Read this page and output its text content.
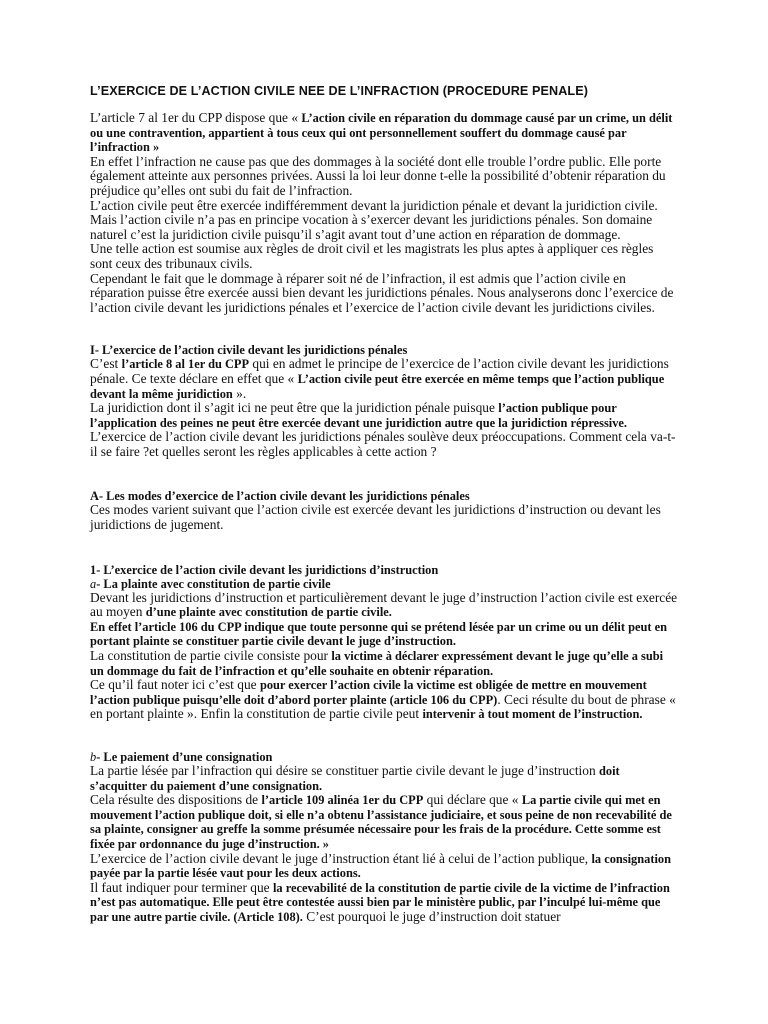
L’EXERCICE DE L’ACTION CIVILE NEE DE L’INFRACTION (PROCEDURE PENALE)

L’article 7 al 1er du CPP dispose que « L’action civile en réparation du dommage causé par un crime, un délit ou une contravention, appartient à tous ceux qui ont personnellement souffert du dommage causé par l’infraction »

En effet l’infraction ne cause pas que des dommages à la société dont elle trouble l’ordre public. Elle porte également atteinte aux personnes privées. Aussi la loi leur donne t-elle la possibilité d’obtenir réparation du préjudice qu’elles ont subi du fait de l’infraction.

L’action civile peut être exercée indifféremment devant la juridiction pénale et devant la juridiction civile. Mais l’action civile n’a pas en principe vocation à s’exercer devant les juridictions pénales. Son domaine naturel c’est la juridiction civile puisqu’il s’agit avant tout d’une action en réparation de dommage.

Une telle action est soumise aux règles de droit civil et les magistrats les plus aptes à appliquer ces règles sont ceux des tribunaux civils.

Cependant le fait que le dommage à réparer soit né de l’infraction, il est admis que l’action civile en réparation puisse être exercée aussi bien devant les juridictions pénales. Nous analyserons donc l’exercice de l’action civile devant les juridictions pénales et l’exercice de l’action civile devant les juridictions civiles.

I- L’exercice de l’action civile devant les juridictions pénales

C’est l’article 8 al 1er du CPP qui en admet le principe de l’exercice de l’action civile devant les juridictions pénale. Ce texte déclare en effet que « L’action civile peut être exercée en même temps que l’action publique devant la même juridiction ».

La juridiction dont il s’agit ici ne peut être que la juridiction pénale puisque l’action publique pour l’application des peines ne peut être exercée devant une juridiction autre que la juridiction répressive.

L’exercice de l’action civile devant les juridictions pénales soulève deux préoccupations. Comment cela va-t-il se faire ?et quelles seront les règles applicables à cette action ?

A- Les modes d’exercice de l’action civile devant les juridictions pénales

Ces modes varient suivant que l’action civile est exercée devant les juridictions d’instruction ou devant les juridictions de jugement.

1- L’exercice de l’action civile devant les juridictions d’instruction
a- La plainte avec constitution de partie civile

Devant les juridictions d’instruction et particulièrement devant le juge d’instruction l’action civile est exercée au moyen d’une plainte avec constitution de partie civile.

En effet l’article 106 du CPP indique que toute personne qui se prétend lésée par un crime ou un délit peut en portant plainte se constituer partie civile devant le juge d’instruction.

La constitution de partie civile consiste pour la victime à déclarer expressément devant le juge qu’elle a subi un dommage du fait de l’infraction et qu’elle souhaite en obtenir réparation.

Ce qu’il faut noter ici c’est que pour exercer l’action civile la victime est obligée de mettre en mouvement l’action publique puisqu’elle doit d’abord porter plainte (article 106 du CPP). Ceci résulte du bout de phrase « en portant plainte ». Enfin la constitution de partie civile peut intervenir à tout moment de l’instruction.

b- Le paiement d’une consignation

La partie lésée par l’infraction qui désire se constituer partie civile devant le juge d’instruction doit s’acquitter du paiement d’une consignation.

Cela résulte des dispositions de l’article 109 alinéa 1er du CPP qui déclare que « La partie civile qui met en mouvement l’action publique doit, si elle n’a obtenu l’assistance judiciaire, et sous peine de non recevabilité de sa plainte, consigner au greffe la somme présumée nécessaire pour les frais de la procédure. Cette somme est fixée par ordonnance du juge d’instruction. »

L’exercice de l’action civile devant le juge d’instruction étant lié à celui de l’action publique, la consignation payée par la partie lésée vaut pour les deux actions.

Il faut indiquer pour terminer que la recevabilité de la constitution de partie civile de la victime de l’infraction n’est pas automatique. Elle peut être contestée aussi bien par le ministère public, par l’inculpé lui-même que par une autre partie civile. (Article 108). C’est pourquoi le juge d’instruction doit statuer
